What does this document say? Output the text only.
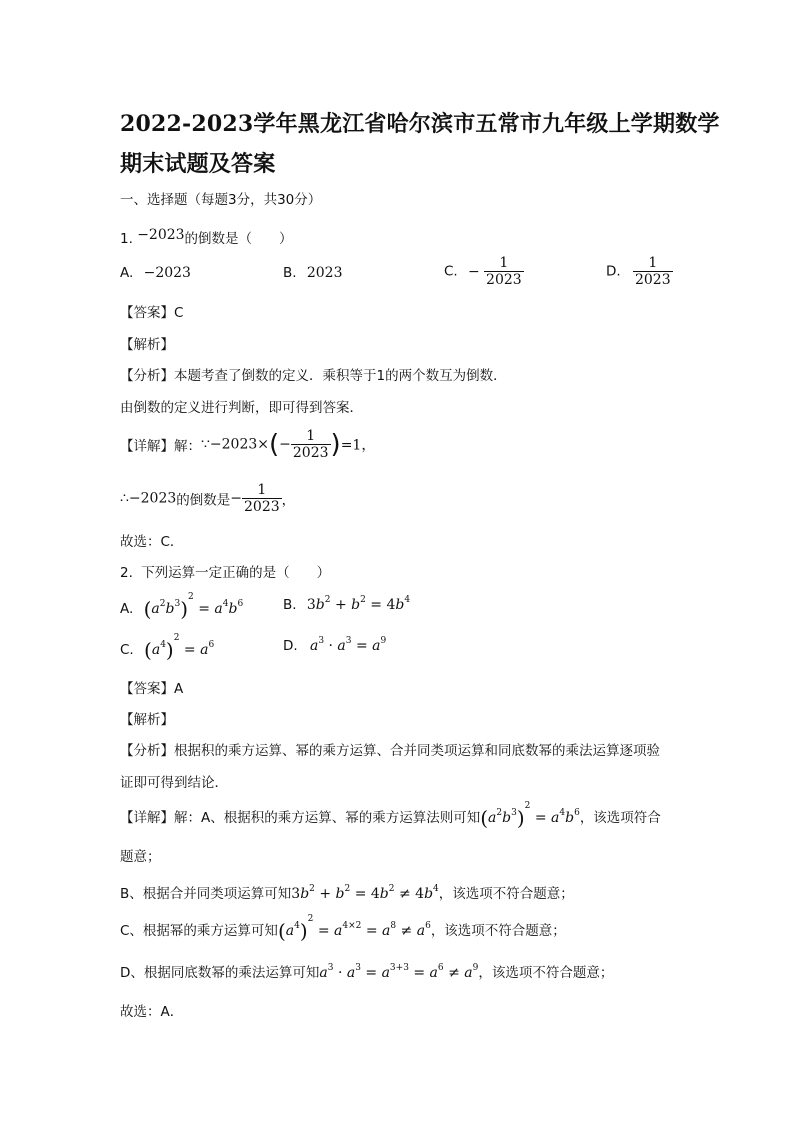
2022-2023学年黑龙江省哈尔滨市五常市九年级上学期数学
期末试题及答案
一、选择题（每题3分，共30分）
1. −2023的倒数是（　　）
A. −2023	B. 2023	C. − $\frac{1}{2023}$	D. $\frac{1}{2023}$
【答案】C
【解析】
【分析】本题考查了倒数的定义．乘积等于1的两个数互为倒数．
由倒数的定义进行判断，即可得到答案．
【详解】解：∵−2023×(− $\frac{1}{2023} )=1$，
∴−2023的倒数是− $\frac{1}{2023}$ ，
故选：C．
2. 下列运算一定正确的是（　　）
A. $(a^2b^3)^2 = a^4b^6$	B. $3b^2 + b^2 = 4b^4$
C. $(a^4)^2 = a^6$	D. $a^3 \cdot a^3 = a^9$
【答案】A
【解析】
【分析】根据积的乘方运算、幂的乘方运算、合并同类项运算和同底数幂的乘法运算逐项验
证即可得到结论．
【详解】解：A、根据积的乘方运算、幂的乘方运算法则可知$(a^2b^3)^2 = a^4b^6$，该选项符合
题意；
B、根据合并同类项运算可知$3b^2 + b^2 = 4b^2 \ne 4b^4$，该选项不符合题意；
C、根据幂的乘方运算可知$(a^4)^2 = a^{4\times 2} = a^8 \ne a^6$，该选项不符合题意；
D、根据同底数幂的乘法运算可知$a^3 \cdot a^3 = a^{3+3} = a^6 \ne a^9$，该选项不符合题意；
故选：A．
